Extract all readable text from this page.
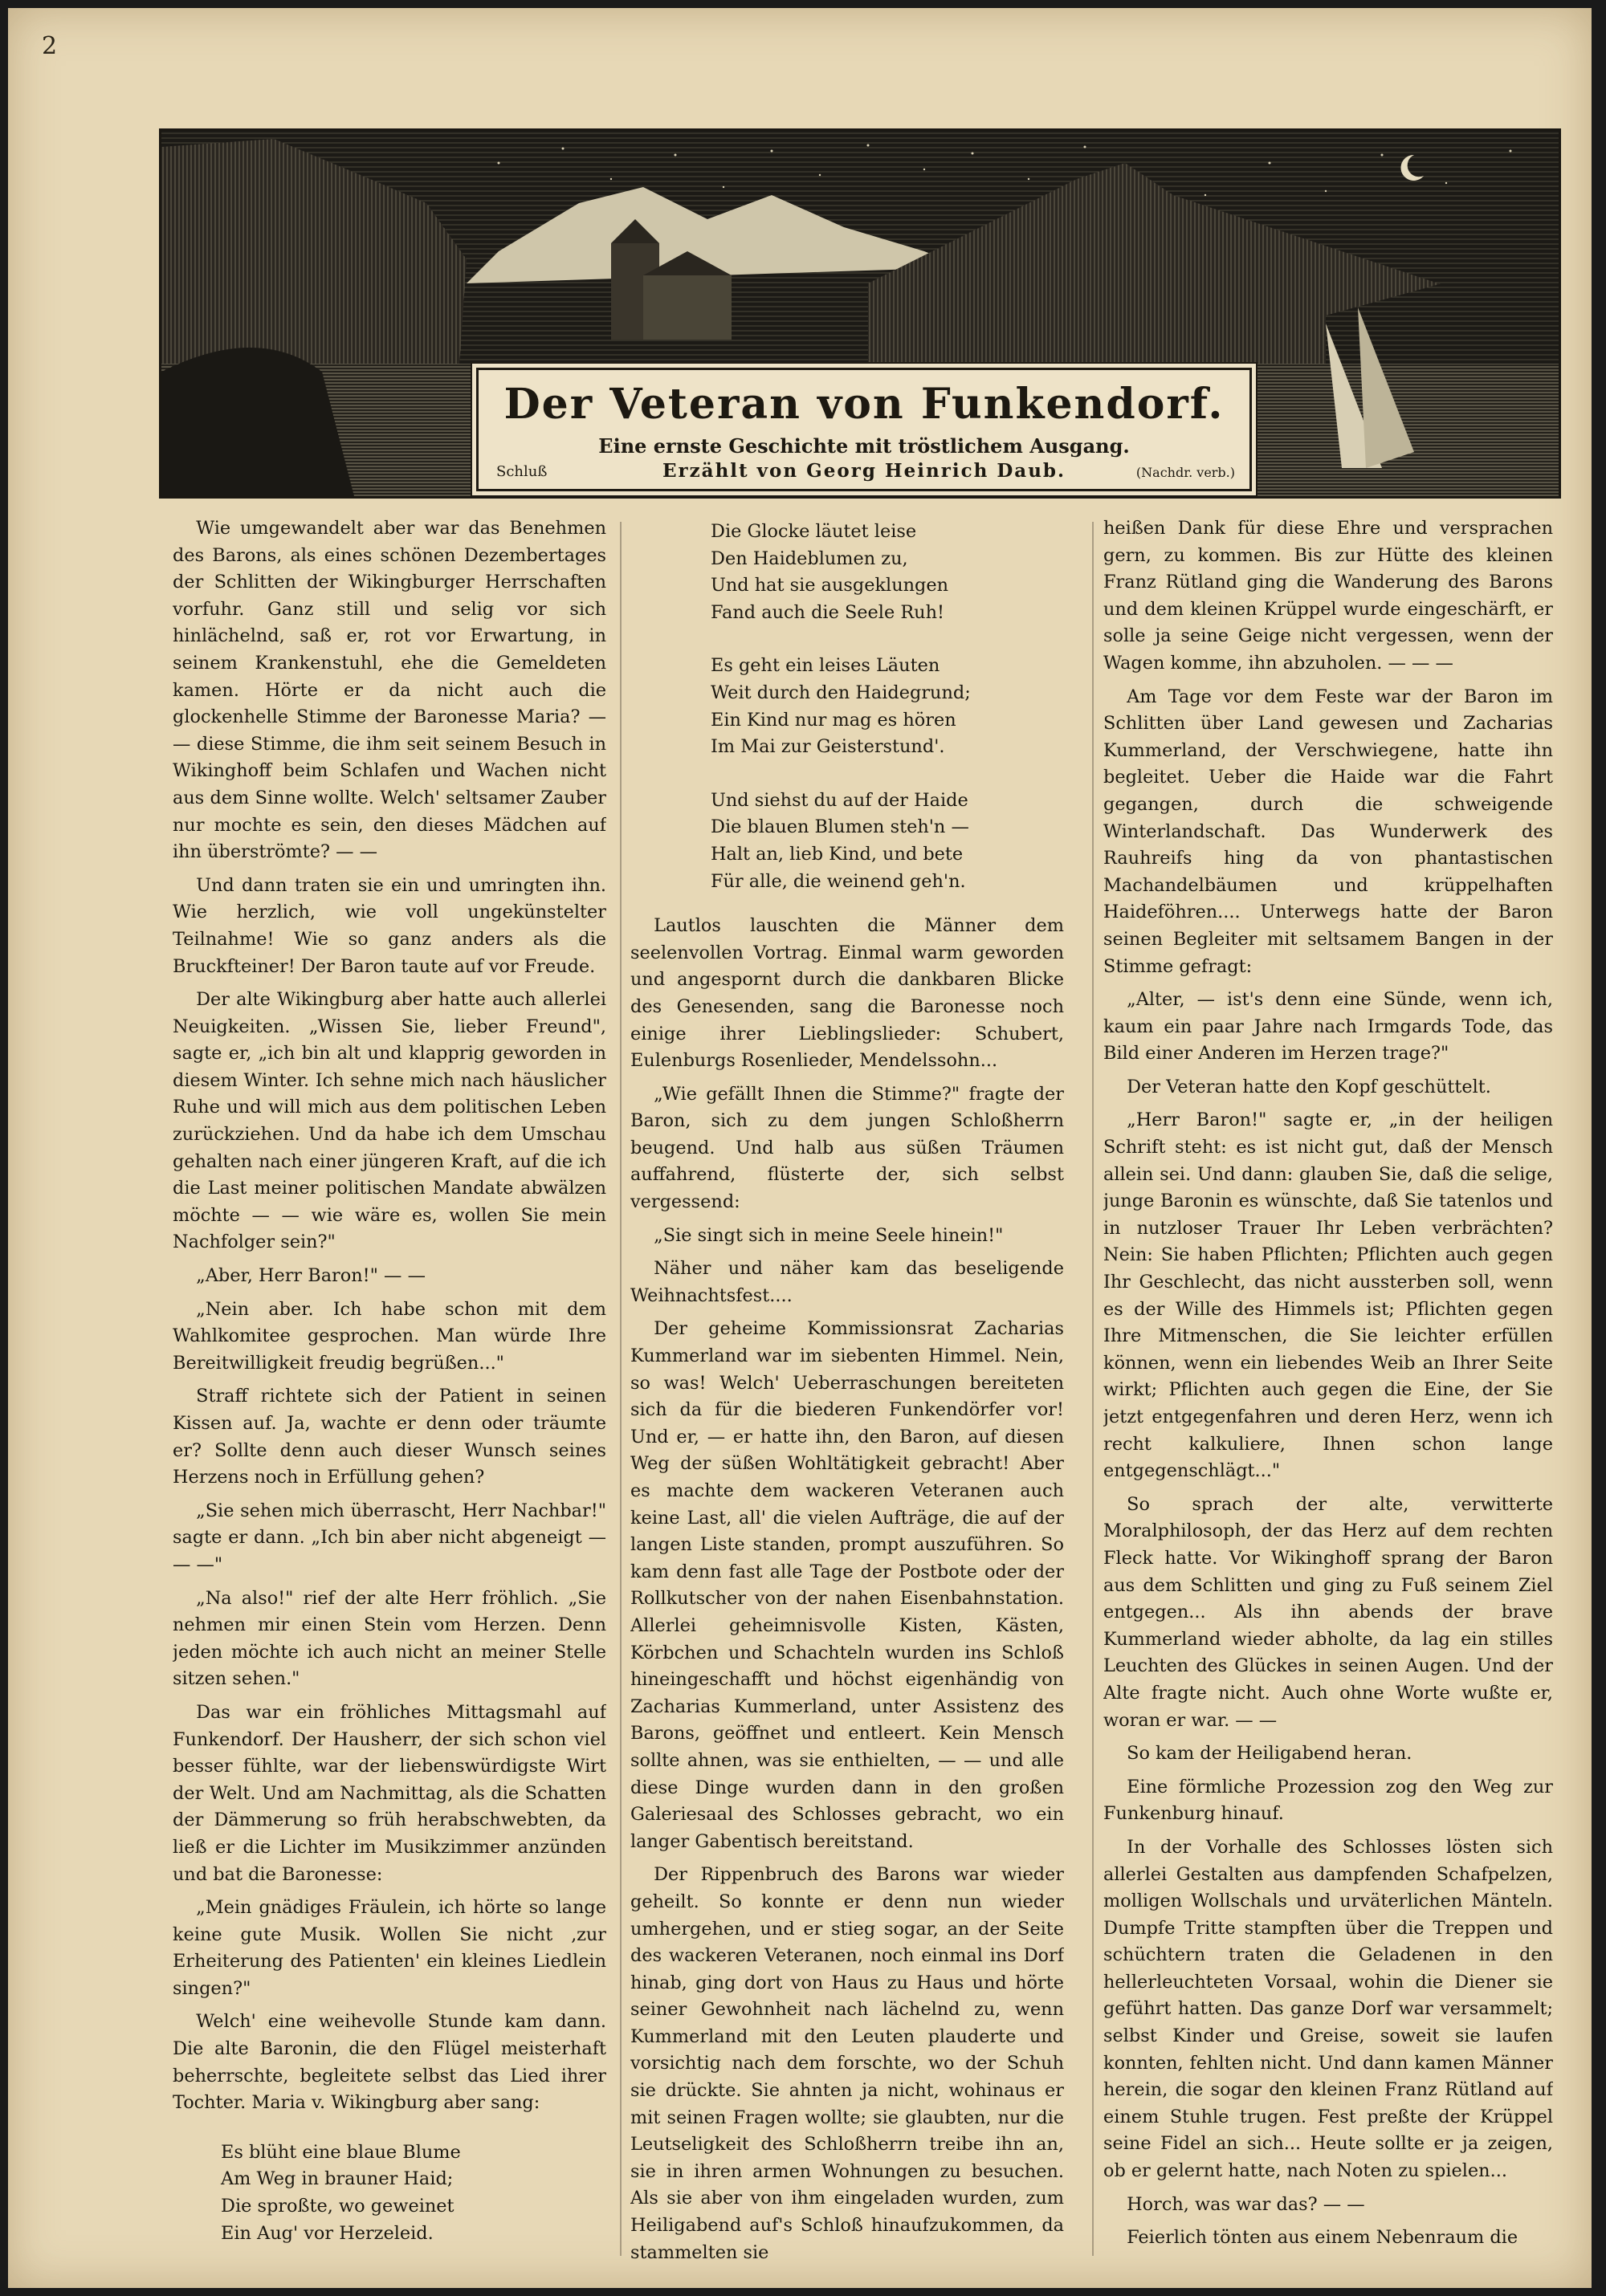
2
Der Veteran von Funkendorf.
Eine ernste Geschichte mit tröstlichem Ausgang.
Schluß	Erzählt von Georg Heinrich Daub.	(Nachdr. verb.)

Wie umgewandelt aber war das Benehmen des Barons, als eines schönen Dezembertages der Schlitten der Wikingburger Herrschaften vorfuhr. Ganz still und selig vor sich hinlächelnd, saß er, rot vor Erwartung, in seinem Krankenstuhl, ehe die Gemeldeten kamen. Hörte er da nicht auch die glockenhelle Stimme der Baronesse Maria? — — diese Stimme, die ihm seit seinem Besuch in Wikinghoff beim Schlafen und Wachen nicht aus dem Sinne wollte. Welch' seltsamer Zauber nur mochte es sein, den dieses Mädchen auf ihn überströmte? — —

Und dann traten sie ein und umringten ihn. Wie herzlich, wie voll ungekünstelter Teilnahme! Wie so ganz anders als die Bruckfteiner! Der Baron taute auf vor Freude.

Der alte Wikingburg aber hatte auch allerlei Neuigkeiten. „Wissen Sie, lieber Freund", sagte er, „ich bin alt und klapprig geworden in diesem Winter. Ich sehne mich nach häuslicher Ruhe und will mich aus dem politischen Leben zurückziehen. Und da habe ich dem Umschau gehalten nach einer jüngeren Kraft, auf die ich die Last meiner politischen Mandate abwälzen möchte — — wie wäre es, wollen Sie mein Nachfolger sein?"

„Aber, Herr Baron!" — —

„Nein aber. Ich habe schon mit dem Wahlkomitee gesprochen. Man würde Ihre Bereitwilligkeit freudig begrüßen..."

Straff richtete sich der Patient in seinen Kissen auf. Ja, wachte er denn oder träumte er? Sollte denn auch dieser Wunsch seines Herzens noch in Erfüllung gehen?

„Sie sehen mich überrascht, Herr Nachbar!" sagte er dann. „Ich bin aber nicht abgeneigt — — —"

„Na also!" rief der alte Herr fröhlich. „Sie nehmen mir einen Stein vom Herzen. Denn jeden möchte ich auch nicht an meiner Stelle sitzen sehen."

Das war ein fröhliches Mittagsmahl auf Funkendorf. Der Hausherr, der sich schon viel besser fühlte, war der liebenswürdigste Wirt der Welt. Und am Nachmittag, als die Schatten der Dämmerung so früh herabschwebten, da ließ er die Lichter im Musikzimmer anzünden und bat die Baronesse:

„Mein gnädiges Fräulein, ich hörte so lange keine gute Musik. Wollen Sie nicht ‚zur Erheiterung des Patienten' ein kleines Liedlein singen?"

Welch' eine weihevolle Stunde kam dann. Die alte Baronin, die den Flügel meisterhaft beherrschte, begleitete selbst das Lied ihrer Tochter. Maria v. Wikingburg aber sang:

Es blüht eine blaue Blume
Am Weg in brauner Haid;
Die sproßte, wo geweinet
Ein Aug' vor Herzeleid.
Die Glocke läutet leise
Den Haideblumen zu,
Und hat sie ausgeklungen
Fand auch die Seele Ruh!
Es geht ein leises Läuten
Weit durch den Haidegrund;
Ein Kind nur mag es hören
Im Mai zur Geisterstund'.
Und siehst du auf der Haide
Die blauen Blumen steh'n —
Halt an, lieb Kind, und bete
Für alle, die weinend geh'n.

Lautlos lauschten die Männer dem seelenvollen Vortrag. Einmal warm geworden und angespornt durch die dankbaren Blicke des Genesenden, sang die Baronesse noch einige ihrer Lieblingslieder: Schubert, Eulenburgs Rosenlieder, Mendelssohn...

„Wie gefällt Ihnen die Stimme?" fragte der Baron, sich zu dem jungen Schloßherrn beugend. Und halb aus süßen Träumen auffahrend, flüsterte der, sich selbst vergessend:

„Sie singt sich in meine Seele hinein!"

Näher und näher kam das beseligende Weihnachtsfest....

Der geheime Kommissionsrat Zacharias Kummerland war im siebenten Himmel. Nein, so was! Welch' Ueberraschungen bereiteten sich da für die biederen Funkendörfer vor! Und er, — er hatte ihn, den Baron, auf diesen Weg der süßen Wohltätigkeit gebracht! Aber es machte dem wackeren Veteranen auch keine Last, all' die vielen Aufträge, die auf der langen Liste standen, prompt auszuführen. So kam denn fast alle Tage der Postbote oder der Rollkutscher von der nahen Eisenbahnstation. Allerlei geheimnisvolle Kisten, Kästen, Körbchen und Schachteln wurden ins Schloß hineingeschafft und höchst eigenhändig von Zacharias Kummerland, unter Assistenz des Barons, geöffnet und entleert. Kein Mensch sollte ahnen, was sie enthielten, — — und alle diese Dinge wurden dann in den großen Galeriesaal des Schlosses gebracht, wo ein langer Gabentisch bereitstand.

Der Rippenbruch des Barons war wieder geheilt. So konnte er denn nun wieder umhergehen, und er stieg sogar, an der Seite des wackeren Veteranen, noch einmal ins Dorf hinab, ging dort von Haus zu Haus und hörte seiner Gewohnheit nach lächelnd zu, wenn Kummerland mit den Leuten plauderte und vorsichtig nach dem forschte, wo der Schuh sie drückte. Sie ahnten ja nicht, wohinaus er mit seinen Fragen wollte; sie glaubten, nur die Leutseligkeit des Schloßherrn treibe ihn an, sie in ihren armen Wohnungen zu besuchen. Als sie aber von ihm eingeladen wurden, zum Heiligabend auf's Schloß hinaufzukommen, da stammelten sie

heißen Dank für diese Ehre und versprachen gern, zu kommen. Bis zur Hütte des kleinen Franz Rütland ging die Wanderung des Barons und dem kleinen Krüppel wurde eingeschärft, er solle ja seine Geige nicht vergessen, wenn der Wagen komme, ihn abzuholen. — — —

Am Tage vor dem Feste war der Baron im Schlitten über Land gewesen und Zacharias Kummerland, der Verschwiegene, hatte ihn begleitet. Ueber die Haide war die Fahrt gegangen, durch die schweigende Winterlandschaft. Das Wunderwerk des Rauhreifs hing da von phantastischen Machandelbäumen und krüppelhaften Haideföhren.... Unterwegs hatte der Baron seinen Begleiter mit seltsamem Bangen in der Stimme gefragt:

„Alter, — ist's denn eine Sünde, wenn ich, kaum ein paar Jahre nach Irmgards Tode, das Bild einer Anderen im Herzen trage?"

Der Veteran hatte den Kopf geschüttelt.

„Herr Baron!" sagte er, „in der heiligen Schrift steht: es ist nicht gut, daß der Mensch allein sei. Und dann: glauben Sie, daß die selige, junge Baronin es wünschte, daß Sie tatenlos und in nutzloser Trauer Ihr Leben verbrächten? Nein: Sie haben Pflichten; Pflichten auch gegen Ihr Geschlecht, das nicht aussterben soll, wenn es der Wille des Himmels ist; Pflichten gegen Ihre Mitmenschen, die Sie leichter erfüllen können, wenn ein liebendes Weib an Ihrer Seite wirkt; Pflichten auch gegen die Eine, der Sie jetzt entgegenfahren und deren Herz, wenn ich recht kalkuliere, Ihnen schon lange entgegenschlägt..."

So sprach der alte, verwitterte Moralphilosoph, der das Herz auf dem rechten Fleck hatte. Vor Wikinghoff sprang der Baron aus dem Schlitten und ging zu Fuß seinem Ziel entgegen... Als ihn abends der brave Kummerland wieder abholte, da lag ein stilles Leuchten des Glückes in seinen Augen. Und der Alte fragte nicht. Auch ohne Worte wußte er, woran er war. — —

So kam der Heiligabend heran.

Eine förmliche Prozession zog den Weg zur Funkenburg hinauf.

In der Vorhalle des Schlosses lösten sich allerlei Gestalten aus dampfenden Schafpelzen, molligen Wollschals und urväterlichen Mänteln. Dumpfe Tritte stampften über die Treppen und schüchtern traten die Geladenen in den hellerleuchteten Vorsaal, wohin die Diener sie geführt hatten. Das ganze Dorf war versammelt; selbst Kinder und Greise, soweit sie laufen konnten, fehlten nicht. Und dann kamen Männer herein, die sogar den kleinen Franz Rütland auf einem Stuhle trugen. Fest preßte der Krüppel seine Fidel an sich... Heute sollte er ja zeigen, ob er gelernt hatte, nach Noten zu spielen...

Horch, was war das? — —

Feierlich tönten aus einem Nebenraum die
